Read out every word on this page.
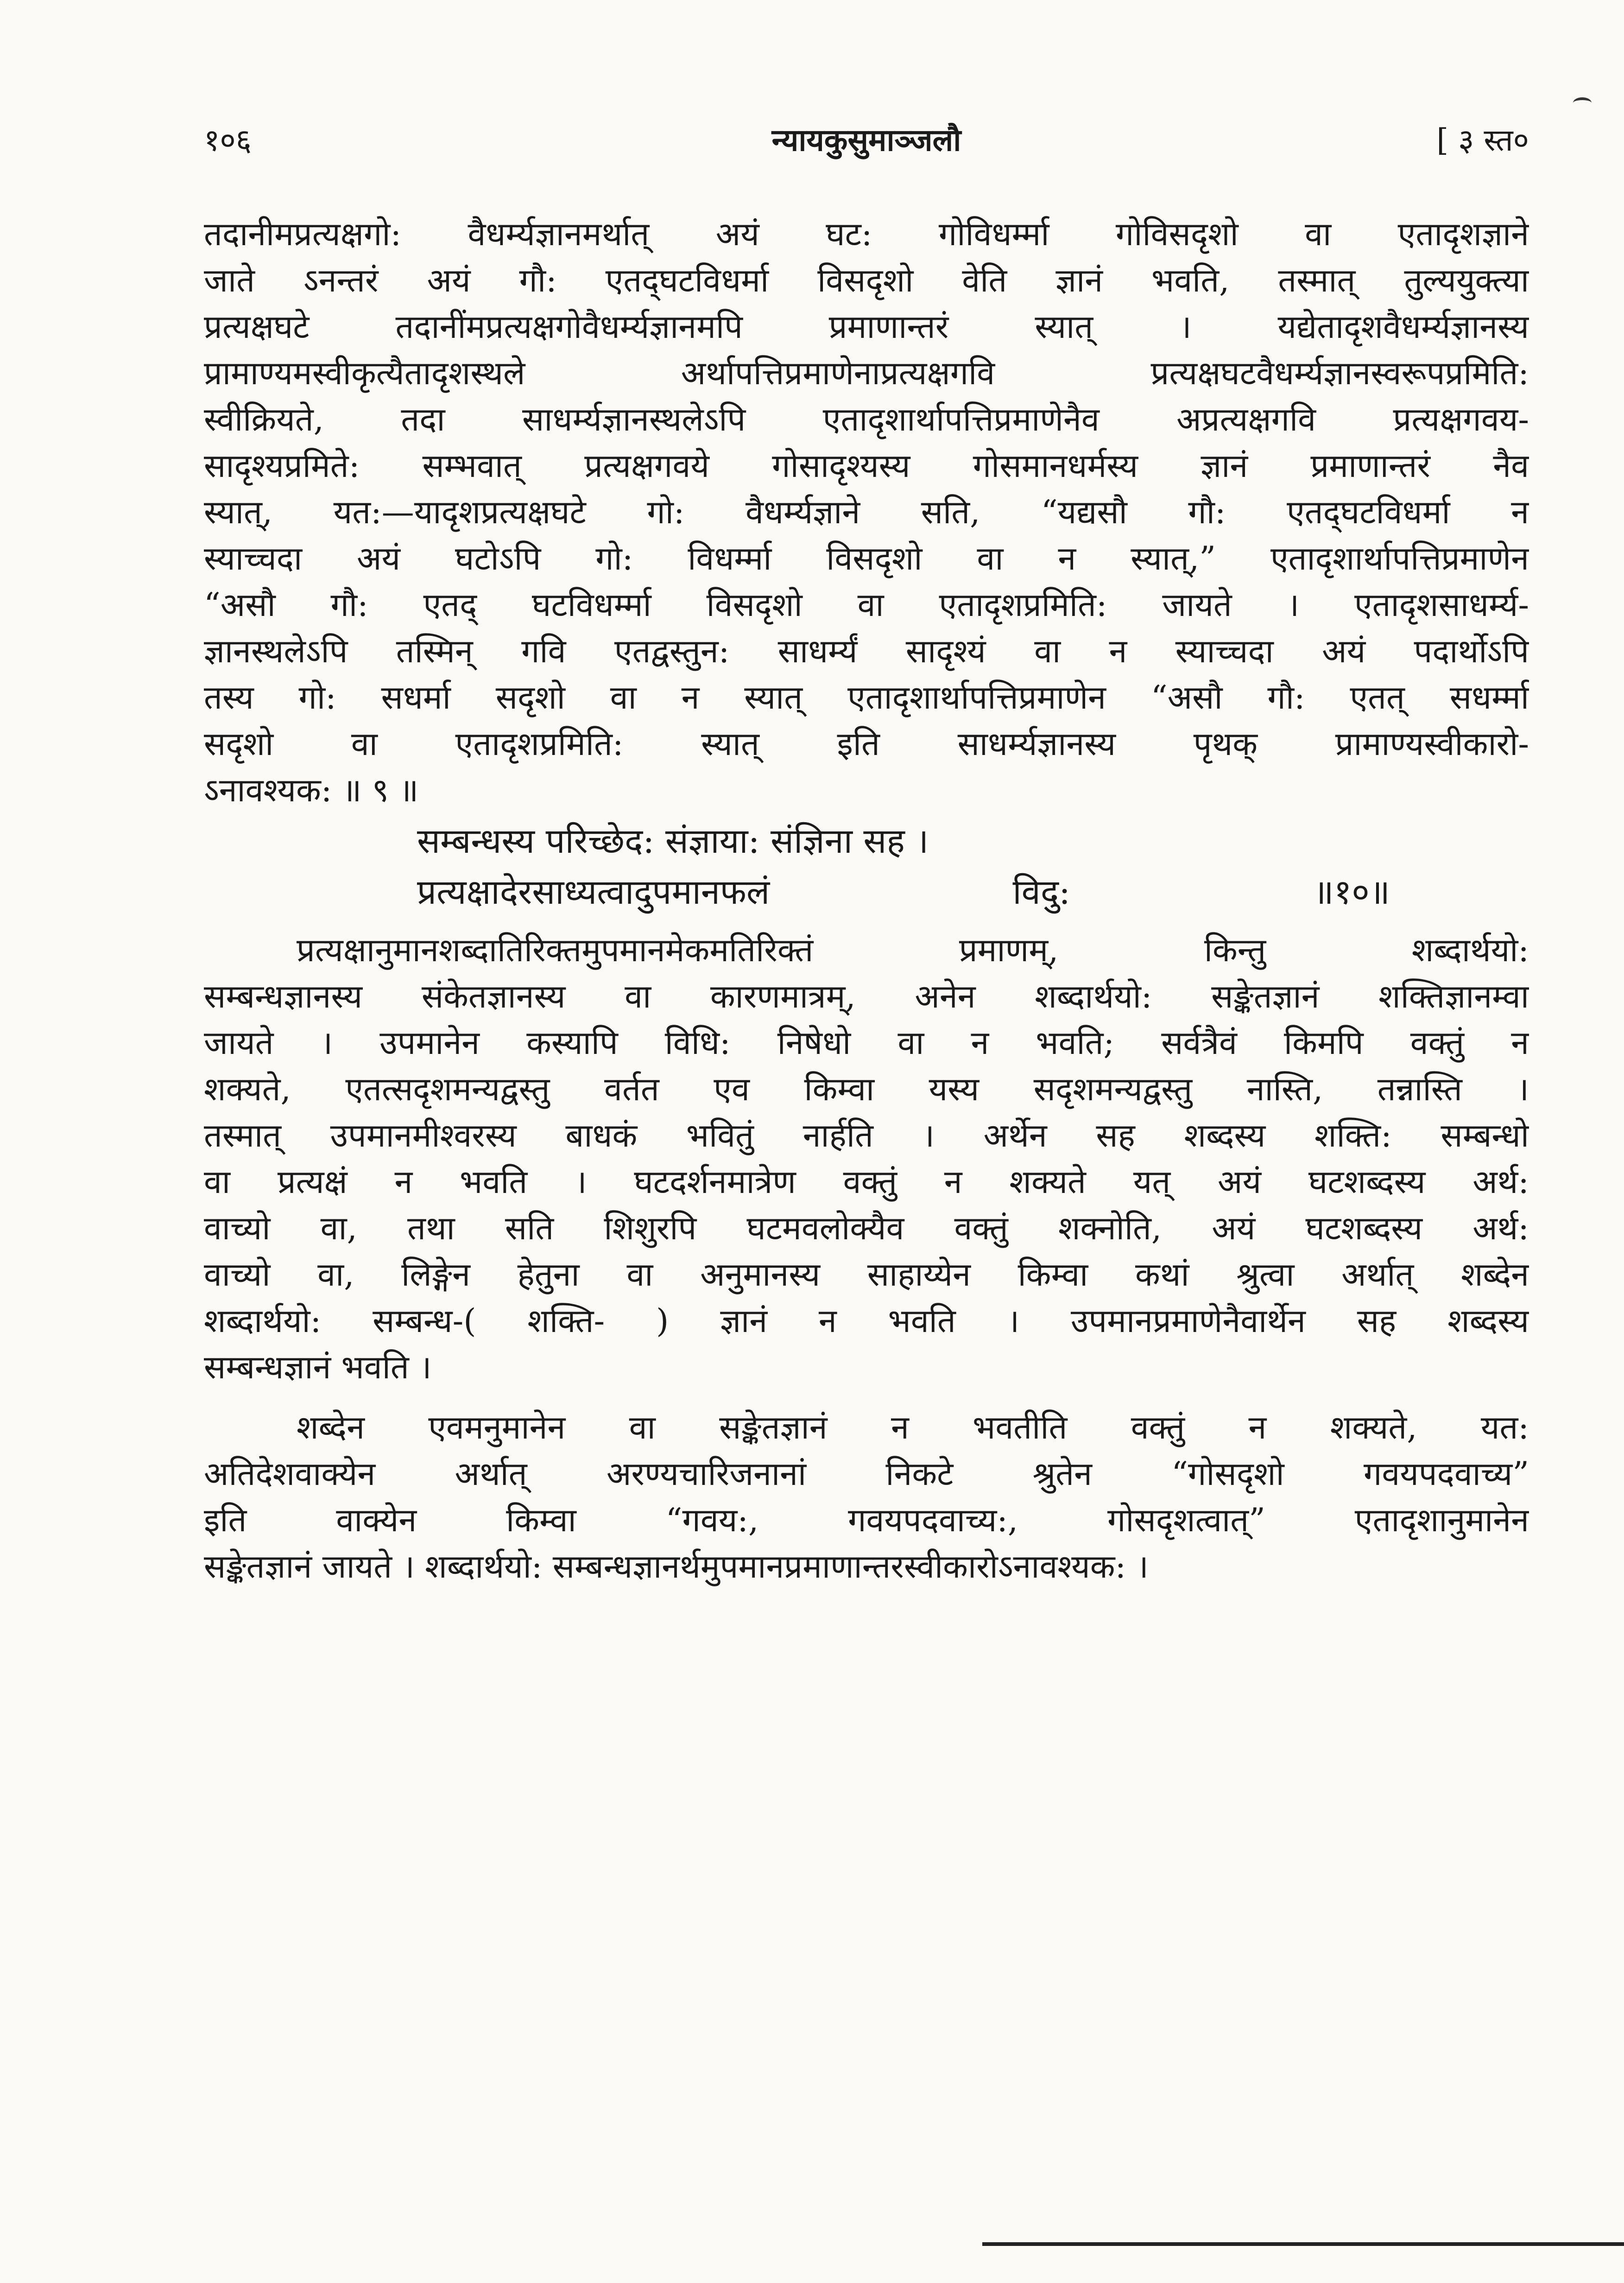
१०६	न्यायकुसुमाञ्जलौ	[ ३ स्त०
तदानीमप्रत्यक्षगो: वैधर्म्यज्ञानमर्थात् अयं घट: गोविधर्म्मा गोविसदृशो वा एतादृशज्ञाने
जाते ऽनन्तरं अयं गौ: एतद्‌घटविधर्मा विसदृशो वेति ज्ञानं भवति, तस्मात् तुल्ययुक्त्या
प्रत्यक्षघटे तदानींमप्रत्यक्षगोवैधर्म्यज्ञानमपि प्रमाणान्तरं स्यात् । यद्येतादृशवैधर्म्यज्ञानस्य
प्रामाण्यमस्वीकृत्यैतादृशस्थले अर्थापत्तिप्रमाणेनाप्रत्यक्षगवि प्रत्यक्षघटवैधर्म्यज्ञानस्वरूपप्रमिति:
स्वीक्रियते, तदा साधर्म्यज्ञानस्थलेऽपि एतादृशार्थापत्तिप्रमाणेनैव अप्रत्यक्षगवि प्रत्यक्षगवय-
सादृश्यप्रमिते: सम्भवात् प्रत्यक्षगवये गोसादृश्यस्य गोसमानधर्मस्य ज्ञानं प्रमाणान्तरं नैव
स्यात्, यत:—यादृशप्रत्यक्षघटे गो: वैधर्म्यज्ञाने सति, “यद्यसौ गौ: एतद्‌घटविधर्मा न
स्याच्चदा अयं घटोऽपि गो: विधर्म्मा विसदृशो वा न स्यात्,” एतादृशार्थापत्तिप्रमाणेन
“असौ गौ: एतद् घटविधर्म्मा विसदृशो वा एतादृशप्रमिति: जायते । एतादृशसाधर्म्य-
ज्ञानस्थलेऽपि तस्मिन् गवि एतद्वस्तुन: साधर्म्यं सादृश्यं वा न स्याच्चदा अयं पदार्थोऽपि
तस्य गो: सधर्मा सदृशो वा न स्यात् एतादृशार्थापत्तिप्रमाणेन “असौ गौ: एतत् सधर्म्मा
सदृशो वा एतादृशप्रमिति: स्यात् इति साधर्म्यज्ञानस्य पृथक् प्रामाण्यस्वीकारो-
ऽनावश्यक: ॥ ९ ॥
सम्बन्धस्य परिच्छेद: संज्ञाया: संज्ञिना सह ।
प्रत्यक्षादेरसाध्यत्वादुपमानफलं विदु: ॥१०॥
प्रत्यक्षानुमानशब्दातिरिक्तमुपमानमेकमतिरिक्तं प्रमाणम्, किन्तु शब्दार्थयो:
सम्बन्धज्ञानस्य संकेतज्ञानस्य वा कारणमात्रम्, अनेन शब्दार्थयो: सङ्केतज्ञानं शक्तिज्ञानम्वा
जायते । उपमानेन कस्यापि विधि: निषेधो वा न भवति; सर्वत्रैवं किमपि वक्तुं न
शक्यते, एतत्सदृशमन्यद्वस्तु वर्तत एव किम्वा यस्य सदृशमन्यद्वस्तु नास्ति, तन्नास्ति ।
तस्मात् उपमानमीश्वरस्य बाधकं भवितुं नार्हति । अर्थेन सह शब्दस्य शक्ति: सम्बन्धो
वा प्रत्यक्षं न भवति । घटदर्शनमात्रेण वक्तुं न शक्यते यत् अयं घटशब्दस्य अर्थ:
वाच्यो वा, तथा सति शिशुरपि घटमवलोक्यैव वक्तुं शक्नोति, अयं घटशब्दस्य अर्थ:
वाच्यो वा, लिङ्गेन हेतुना वा अनुमानस्य साहाय्येन किम्वा कथां श्रुत्वा अर्थात् शब्देन
शब्दार्थयो: सम्बन्ध-( शक्ति- ) ज्ञानं न भवति । उपमानप्रमाणेनैवार्थेन सह शब्दस्य
सम्बन्धज्ञानं भवति ।
शब्देन एवमनुमानेन वा सङ्केतज्ञानं न भवतीति वक्तुं न शक्यते, यत:
अतिदेशवाक्येन अर्थात् अरण्यचारिजनानां निकटे श्रुतेन “गोसदृशो गवयपदवाच्य”
इति वाक्येन किम्वा “गवय:, गवयपदवाच्य:, गोसदृशत्वात्” एतादृशानुमानेन
सङ्केतज्ञानं जायते । शब्दार्थयो: सम्बन्धज्ञानर्थमुपमानप्रमाणान्तरस्वीकारोऽनावश्यक: ।
